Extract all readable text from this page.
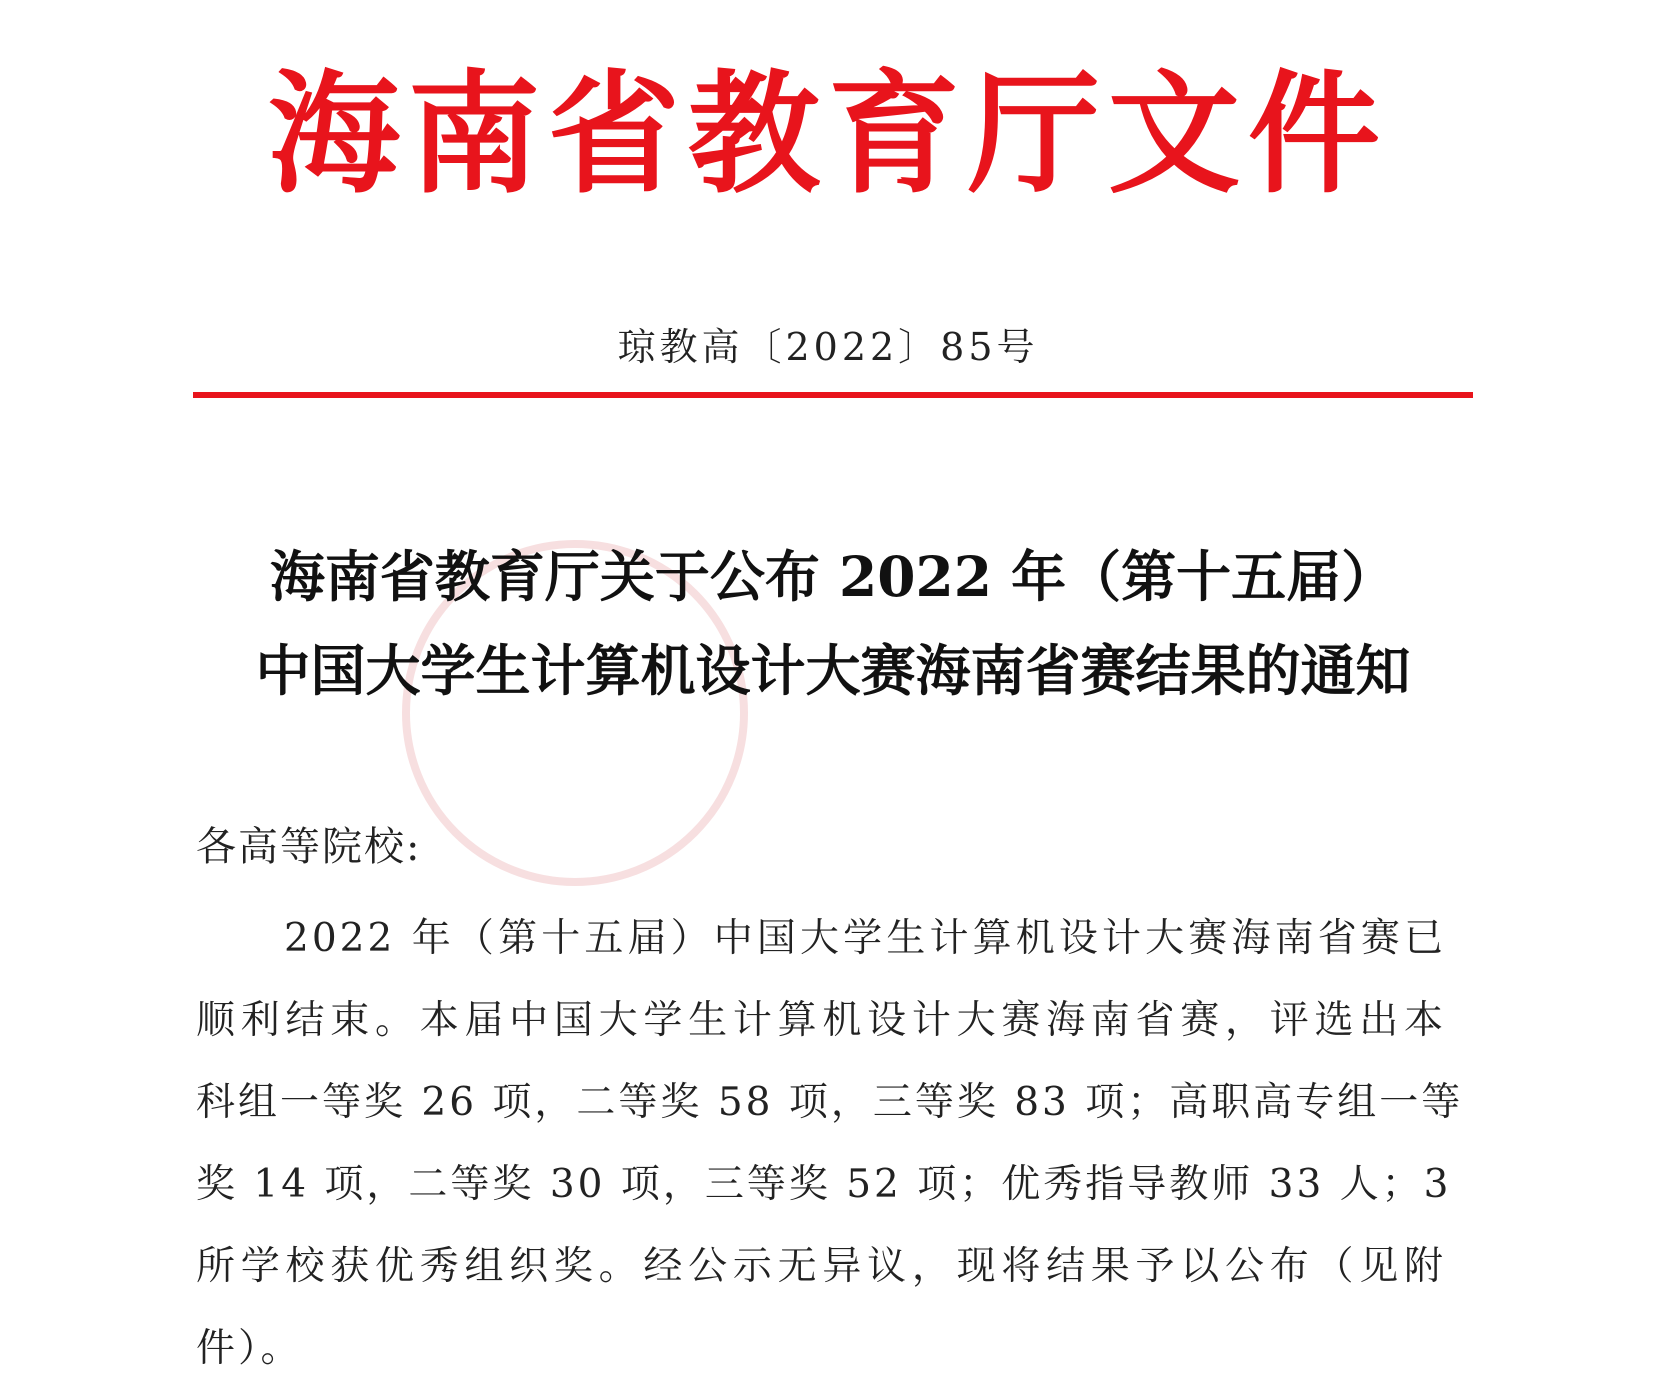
海南省教育厅文件
琼教高〔2022〕85号
海南省教育厅关于公布 2022 年（第十五届）
中国大学生计算机设计大赛海南省赛结果的通知
各高等院校:
2022 年（第十五届）中国大学生计算机设计大赛海南省赛已
顺利结束。本届中国大学生计算机设计大赛海南省赛，评选出本
科组一等奖 26 项，二等奖 58 项，三等奖 83 项；高职高专组一等
奖 14 项，二等奖 30 项，三等奖 52 项；优秀指导教师 33 人；3
所学校获优秀组织奖。经公示无异议，现将结果予以公布（见附
件）。
